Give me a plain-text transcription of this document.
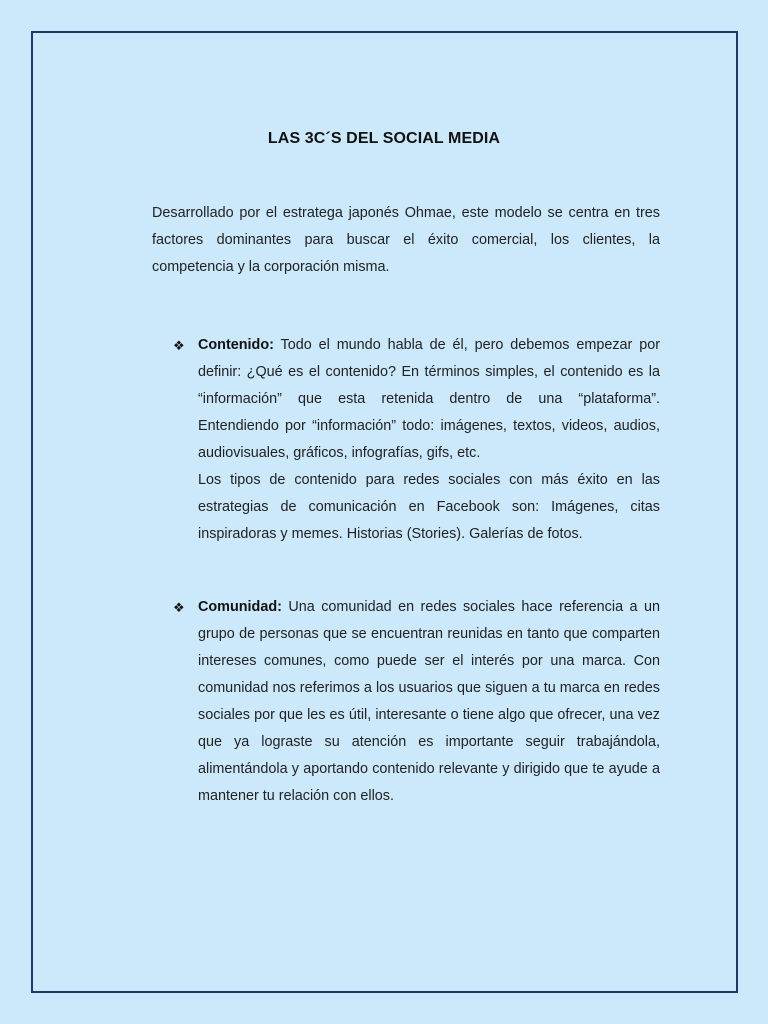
LAS 3C´S DEL SOCIAL MEDIA

Desarrollado por el estratega japonés Ohmae, este modelo se centra en tres factores dominantes para buscar el éxito comercial, los clientes, la competencia y la corporación misma.

❖ Contenido: Todo el mundo habla de él, pero debemos empezar por definir: ¿Qué es el contenido? En términos simples, el contenido es la “información” que esta retenida dentro de una “plataforma”. Entendiendo por “información” todo: imágenes, textos, videos, audios, audiovisuales, gráficos, infografías, gifs, etc.

Los tipos de contenido para redes sociales con más éxito en las estrategias de comunicación en Facebook son: Imágenes, citas inspiradoras y memes. Historias (Stories). Galerías de fotos.

❖ Comunidad: Una comunidad en redes sociales hace referencia a un grupo de personas que se encuentran reunidas en tanto que comparten intereses comunes, como puede ser el interés por una marca. Con comunidad nos referimos a los usuarios que siguen a tu marca en redes sociales por que les es útil, interesante o tiene algo que ofrecer, una vez que ya lograste su atención es importante seguir trabajándola, alimentándola y aportando contenido relevante y dirigido que te ayude a mantener tu relación con ellos.
